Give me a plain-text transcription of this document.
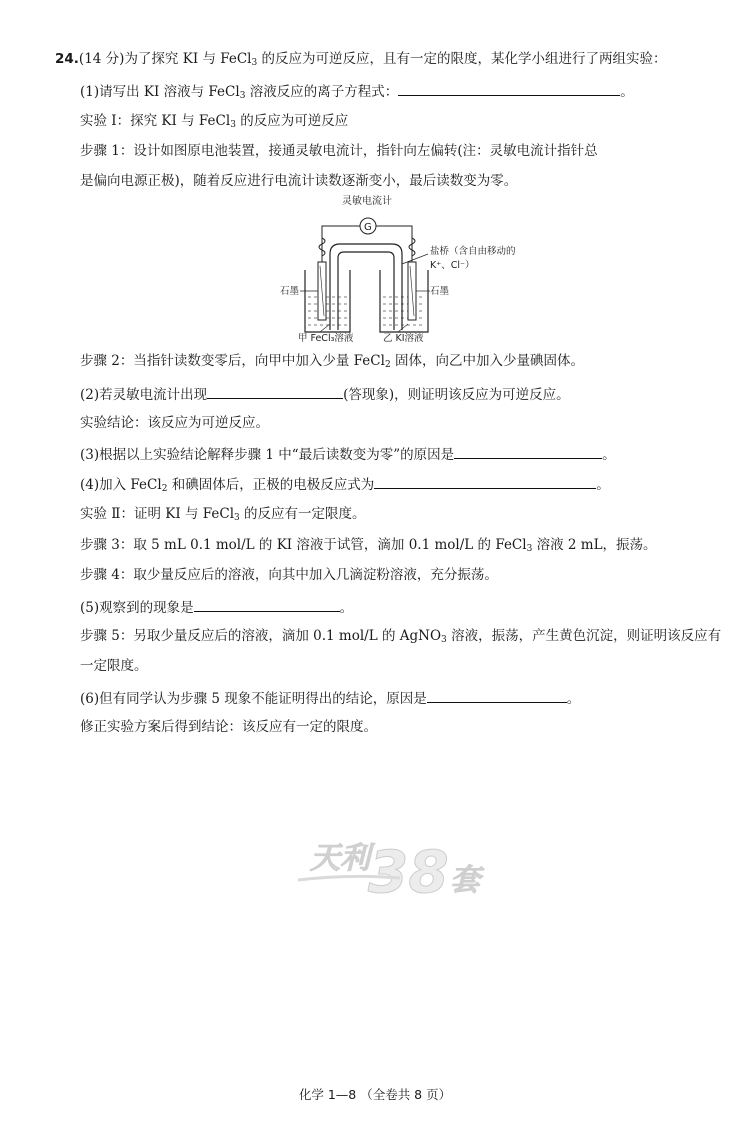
24.(14 分)为了探究 KI 与 FeCl$_3$ 的反应为可逆反应，且有一定的限度，某化学小组进行了两组实验：
(1)请写出 KI 溶液与 FeCl$_3$ 溶液反应的离子方程式：	。
实验 Ⅰ：探究 KI 与 FeCl$_3$ 的反应为可逆反应
步骤 1：设计如图原电池装置，接通灵敏电流计，指针向左偏转(注：灵敏电流计指针总
是偏向电源正极)，随着反应进行电流计读数逐渐变小，最后读数变为零。
灵敏电流计
G
石墨	石墨
盐桥（含自由移动的
K⁺、Cl⁻）
甲 FeCl₃溶液	乙 KI溶液
步骤 2：当指针读数变零后，向甲中加入少量 FeCl$_2$ 固体，向乙中加入少量碘固体。
(2)若灵敏电流计出现	(答现象)，则证明该反应为可逆反应。
实验结论：该反应为可逆反应。
(3)根据以上实验结论解释步骤 1 中“最后读数变为零”的原因是	。
(4)加入 FeCl$_2$ 和碘固体后，正极的电极反应式为	。
实验 Ⅱ：证明 KI 与 FeCl$_3$ 的反应有一定限度。
步骤 3：取 5 mL 0.1 mol/L 的 KI 溶液于试管，滴加 0.1 mol/L 的 FeCl$_3$ 溶液 2 mL，振荡。
步骤 4：取少量反应后的溶液，向其中加入几滴淀粉溶液，充分振荡。
(5)观察到的现象是	。
步骤 5：另取少量反应后的溶液，滴加 0.1 mol/L 的 AgNO$_3$ 溶液，振荡，产生黄色沉淀，则证明该反应有
一定限度。
(6)但有同学认为步骤 5 现象不能证明得出的结论，原因是	。
修正实验方案后得到结论：该反应有一定的限度。
天利
38 套
化学 1—8 （全卷共 8 页）
